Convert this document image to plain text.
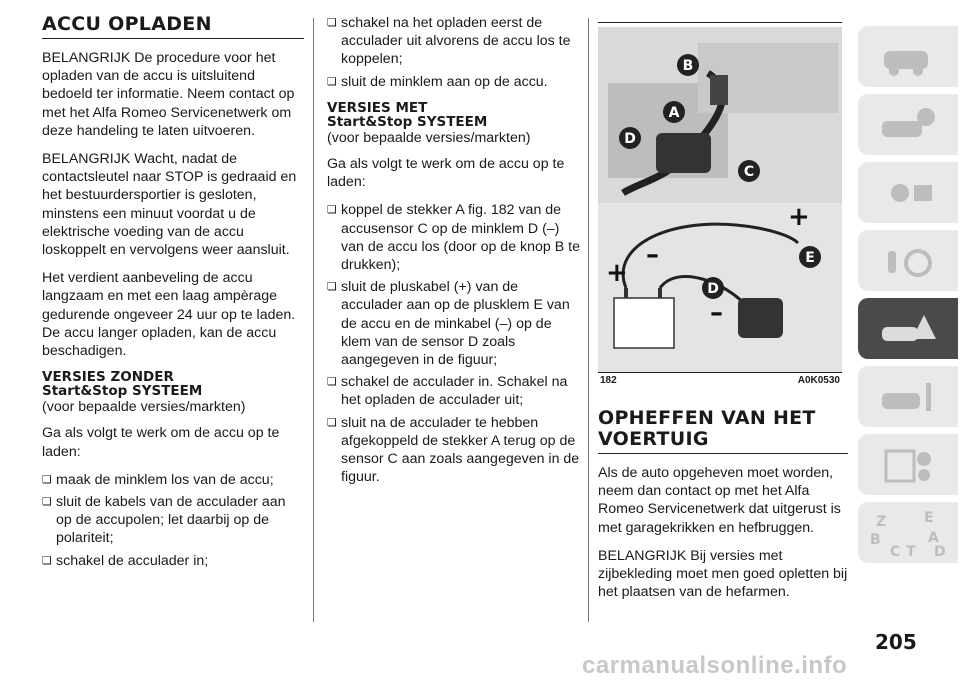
ACCU OPLADEN

BELANGRIJK De procedure voor het opladen van de accu is uitsluitend bedoeld ter informatie. Neem contact op met het Alfa Romeo Servicenetwerk om deze handeling te laten uitvoeren.

BELANGRIJK Wacht, nadat de contactsleutel naar STOP is gedraaid en het bestuurdersportier is gesloten, minstens een minuut voordat u de elektrische voeding van de accu loskoppelt en vervolgens weer aansluit.

Het verdient aanbeveling de accu langzaam en met een laag ampèrage gedurende ongeveer 24 uur op te laden. De accu langer opladen, kan de accu beschadigen.

VERSIES ZONDER
Start&Stop SYSTEEM
(voor bepaalde versies/markten)

Ga als volgt te werk om de accu op te laden:

❏ maak de minklem los van de accu;
❏ sluit de kabels van de acculader aan op de accupolen; let daarbij op de polariteit;
❏ schakel de acculader in;
❏ schakel na het opladen eerst de acculader uit alvorens de accu los te koppelen;
❏ sluit de minklem aan op de accu.
VERSIES MET
Start&Stop SYSTEEM
(voor bepaalde versies/markten)

Ga als volgt te werk om de accu op te laden:

❏ koppel de stekker A fig. 182 van de accusensor C op de minklem D (–) van de accu los (door op de knop B te drukken);
❏ sluit de pluskabel (+) van de acculader aan op de plusklem E van de accu en de minkabel (–) op de klem van de sensor D zoals aangegeven in de figuur;
❏ schakel de acculader in. Schakel na het opladen de acculader uit;
❏ sluit na de acculader te hebben afgekoppeld de stekker A terug op de sensor C aan zoals aangegeven in de figuur.
+
–
+
–
B
A
D
C
E
D
182	A0K0530
OPHEFFEN VAN HET
VOERTUIG

Als de auto opgeheven moet worden, neem dan contact op met het Alfa Romeo Servicenetwerk dat uitgerust is met garagekrikken en hefbruggen.

BELANGRIJK Bij versies met zijbekleding moet men goed opletten bij het plaatsen van de hefarmen.

Z	E
B	A
C T D
205
carmanualsonline.info
